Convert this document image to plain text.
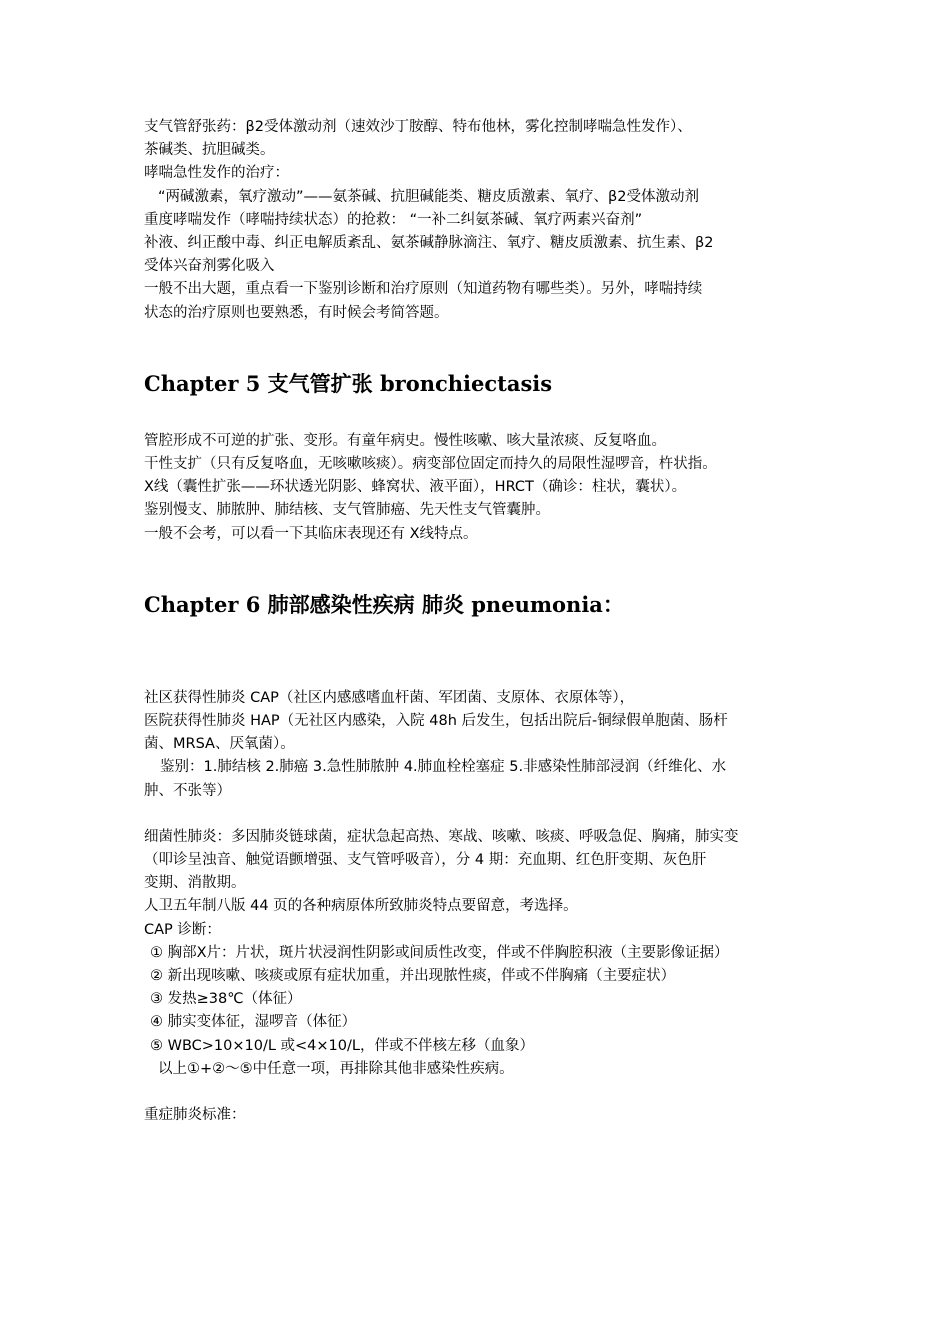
支气管舒张药：β2受体激动剂（速效沙丁胺醇、特布他林，雾化控制哮喘急性发作）、

茶碱类、抗胆碱类。

哮喘急性发作的治疗：

“两碱激素，氧疗激动”——氨茶碱、抗胆碱能类、糖皮质激素、氧疗、β2受体激动剂

重度哮喘发作（哮喘持续状态）的抢救： “一补二纠氨茶碱、氧疗两素兴奋剂”

补液、纠正酸中毒、纠正电解质紊乱、氨茶碱静脉滴注、氧疗、糖皮质激素、抗生素、β2

受体兴奋剂雾化吸入

一般不出大题，重点看一下鉴别诊断和治疗原则（知道药物有哪些类）。另外，哮喘持续

状态的治疗原则也要熟悉，有时候会考简答题。

Chapter 5 支气管扩张 bronchiectasis

管腔形成不可逆的扩张、变形。有童年病史。慢性咳嗽、咳大量浓痰、反复咯血。

干性支扩（只有反复咯血，无咳嗽咳痰）。病变部位固定而持久的局限性湿啰音，杵状指。

X线（囊性扩张——环状透光阴影、蜂窝状、液平面），HRCT（确诊：柱状，囊状）。

鉴别慢支、肺脓肿、肺结核、支气管肺癌、先天性支气管囊肿。

一般不会考，可以看一下其临床表现还有 X线特点。

Chapter 6 肺部感染性疾病 肺炎 pneumonia：

社区获得性肺炎 CAP（社区内感感嗜血杆菌、军团菌、支原体、衣原体等），

医院获得性肺炎 HAP（无社区内感染，入院 48h 后发生，包括出院后-铜绿假单胞菌、肠杆

菌、MRSA、厌氧菌）。

鉴别：1.肺结核 2.肺癌 3.急性肺脓肿 4.肺血栓栓塞症 5.非感染性肺部浸润（纤维化、水

肿、不张等）

细菌性肺炎：多因肺炎链球菌，症状急起高热、寒战、咳嗽、咳痰、呼吸急促、胸痛，肺实变

（叩诊呈浊音、触觉语颤增强、支气管呼吸音），分 4 期：充血期、红色肝变期、灰色肝

变期、消散期。

人卫五年制八版 44 页的各种病原体所致肺炎特点要留意，考选择。

CAP 诊断：

① 胸部X片：片状，斑片状浸润性阴影或间质性改变，伴或不伴胸腔积液（主要影像证据）

② 新出现咳嗽、咳痰或原有症状加重，并出现脓性痰，伴或不伴胸痛（主要症状）

③ 发热≥38℃（体征）

④ 肺实变体征，湿啰音（体征）

⑤ WBC>10×10/L 或<4×10/L，伴或不伴核左移（血象）

以上①+②～⑤中任意一项，再排除其他非感染性疾病。

重症肺炎标准：
